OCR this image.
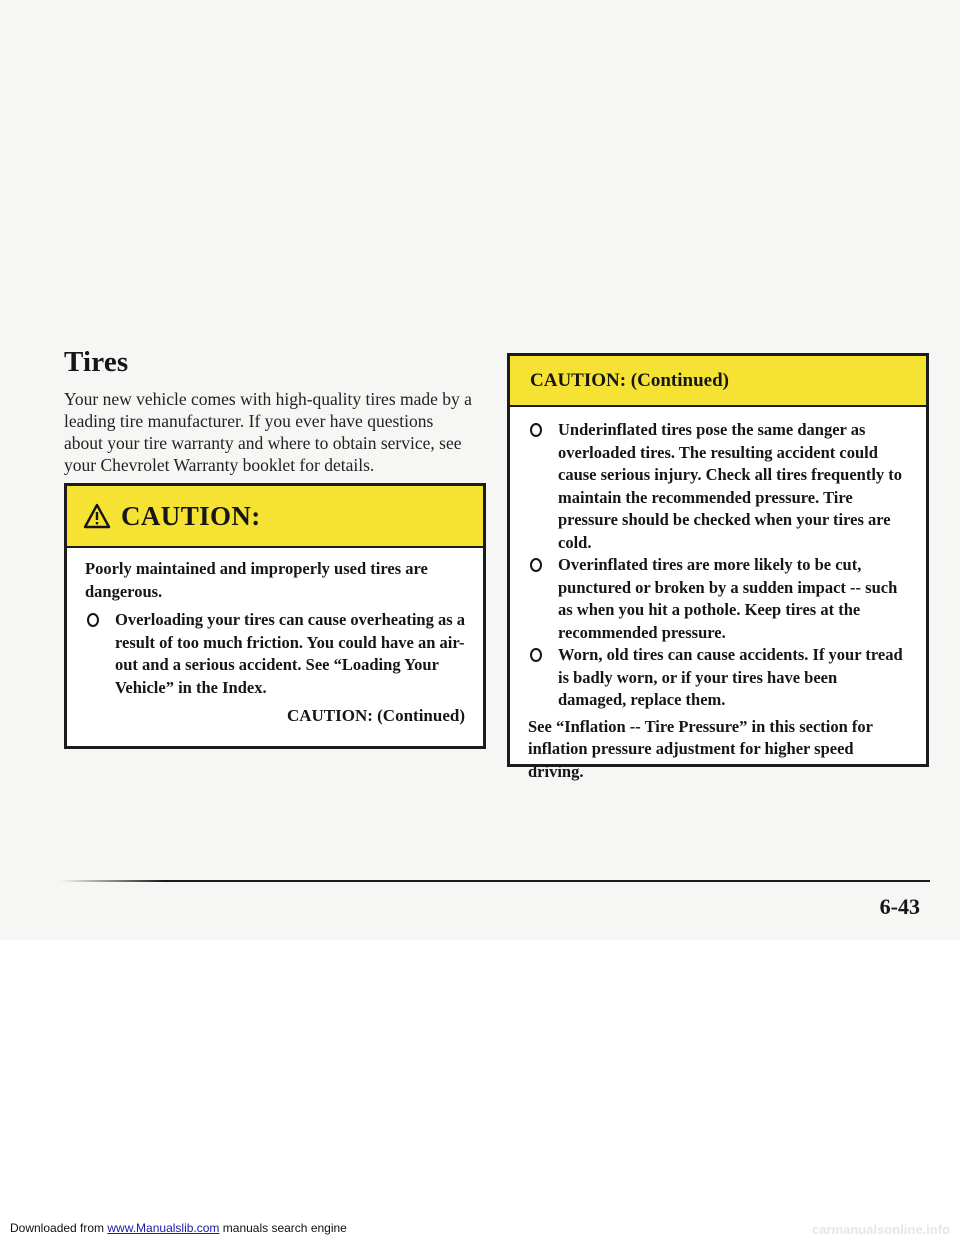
Tires

Your new vehicle comes with high-quality tires made by a leading tire manufacturer. If you ever have questions about your tire warranty and where to obtain service, see your Chevrolet Warranty booklet for details.

CAUTION:

Poorly maintained and improperly used tires are dangerous.

Overloading your tires can cause overheating as a result of too much friction. You could have an air-out and a serious accident. See “Loading Your Vehicle” in the Index.
CAUTION: (Continued)
CAUTION: (Continued)
Underinflated tires pose the same danger as overloaded tires. The resulting accident could cause serious injury. Check all tires frequently to maintain the recommended pressure. Tire pressure should be checked when your tires are cold.
Overinflated tires are more likely to be cut, punctured or broken by a sudden impact -- such as when you hit a pothole. Keep tires at the recommended pressure.
Worn, old tires can cause accidents. If your tread is badly worn, or if your tires have been damaged, replace them.

See “Inflation -- Tire Pressure” in this section for inflation pressure adjustment for higher speed driving.

6-43
Downloaded from www.Manualslib.com manuals search engine	carmanualsonline.info
